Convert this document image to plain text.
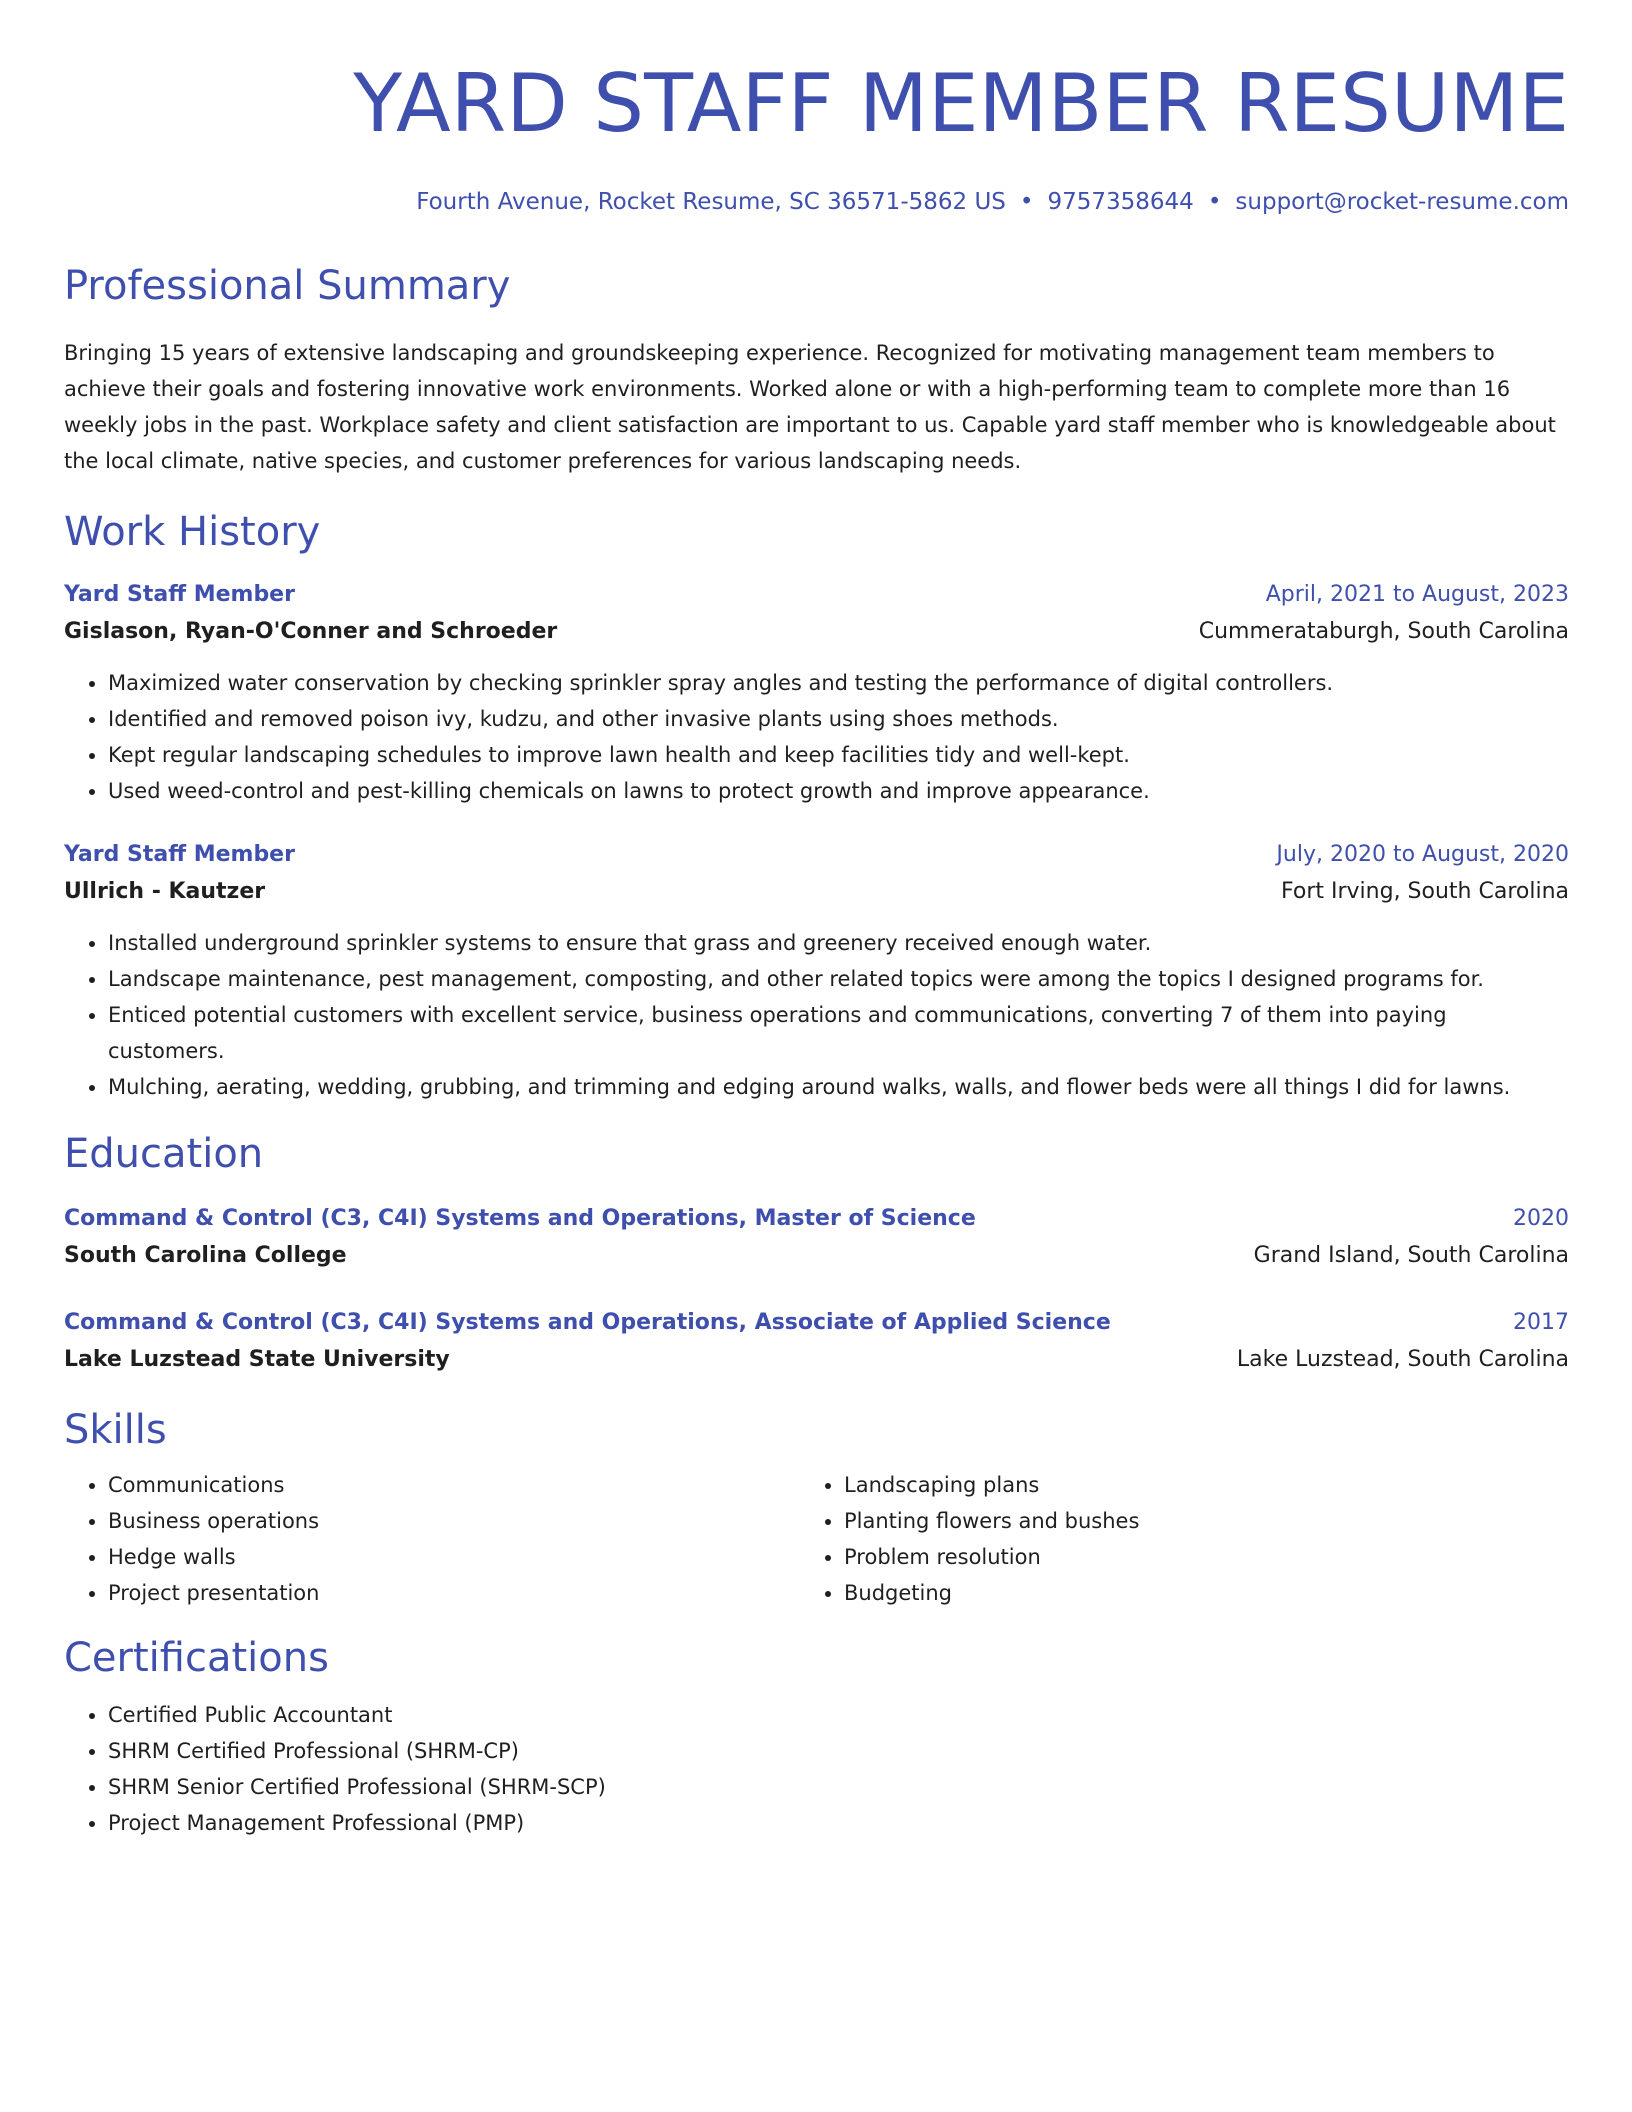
YARD STAFF MEMBER RESUME
Fourth Avenue, Rocket Resume, SC 36571-5862 US • 9757358644 • support@rocket-resume.com
Professional Summary
Bringing 15 years of extensive landscaping and groundskeeping experience. Recognized for motivating management team members to achieve their goals and fostering innovative work environments. Worked alone or with a high-performing team to complete more than 16 weekly jobs in the past. Workplace safety and client satisfaction are important to us. Capable yard staff member who is knowledgeable about the local climate, native species, and customer preferences for various landscaping needs.
Work History
Yard Staff Member	April, 2021 to August, 2023
Gislason, Ryan-O'Conner and Schroeder	Cummerataburgh, South Carolina
• Maximized water conservation by checking sprinkler spray angles and testing the performance of digital controllers.
• Identified and removed poison ivy, kudzu, and other invasive plants using shoes methods.
• Kept regular landscaping schedules to improve lawn health and keep facilities tidy and well-kept.
• Used weed-control and pest-killing chemicals on lawns to protect growth and improve appearance.
Yard Staff Member	July, 2020 to August, 2020
Ullrich - Kautzer	Fort Irving, South Carolina
• Installed underground sprinkler systems to ensure that grass and greenery received enough water.
• Landscape maintenance, pest management, composting, and other related topics were among the topics I designed programs for.
• Enticed potential customers with excellent service, business operations and communications, converting 7 of them into paying customers.
• Mulching, aerating, wedding, grubbing, and trimming and edging around walks, walls, and flower beds were all things I did for lawns.
Education
Command & Control (C3, C4I) Systems and Operations, Master of Science	2020
South Carolina College	Grand Island, South Carolina
Command & Control (C3, C4I) Systems and Operations, Associate of Applied Science	2017
Lake Luzstead State University	Lake Luzstead, South Carolina
Skills
• Communications
• Business operations
• Hedge walls
• Project presentation
• Landscaping plans
• Planting flowers and bushes
• Problem resolution
• Budgeting
Certifications
• Certified Public Accountant
• SHRM Certified Professional (SHRM-CP)
• SHRM Senior Certified Professional (SHRM-SCP)
• Project Management Professional (PMP)
